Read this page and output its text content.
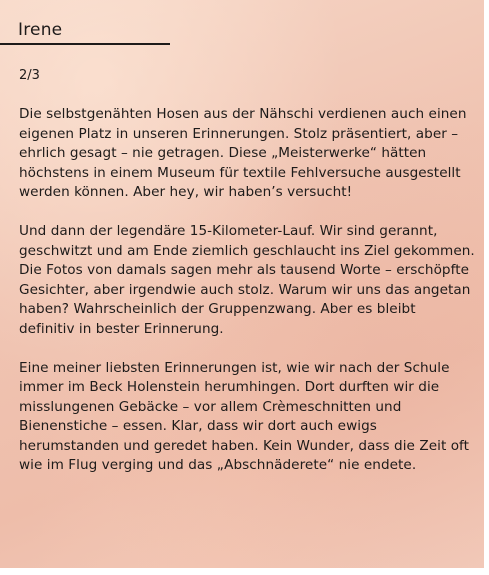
Irene
2/3

Die selbstgenähten Hosen aus der Nähschi verdienen auch einen eigenen Platz in unseren Erinnerungen. Stolz präsentiert, aber – ehrlich gesagt – nie getragen. Diese „Meisterwerke“ hätten höchstens in einem Museum für textile Fehlversuche ausgestellt werden können. Aber hey, wir haben’s versucht!

Und dann der legendäre 15-Kilometer-Lauf. Wir sind gerannt, geschwitzt und am Ende ziemlich geschlaucht ins Ziel gekommen. Die Fotos von damals sagen mehr als tausend Worte – erschöpfte Gesichter, aber irgendwie auch stolz. Warum wir uns das angetan haben? Wahrscheinlich der Gruppenzwang. Aber es bleibt definitiv in bester Erinnerung.

Eine meiner liebsten Erinnerungen ist, wie wir nach der Schule immer im Beck Holenstein herumhingen. Dort durften wir die misslungenen Gebäcke – vor allem Crèmeschnitten und Bienenstiche – essen. Klar, dass wir dort auch ewigs herumstanden und geredet haben. Kein Wunder, dass die Zeit oft wie im Flug verging und das „Abschnäderete“ nie endete.
